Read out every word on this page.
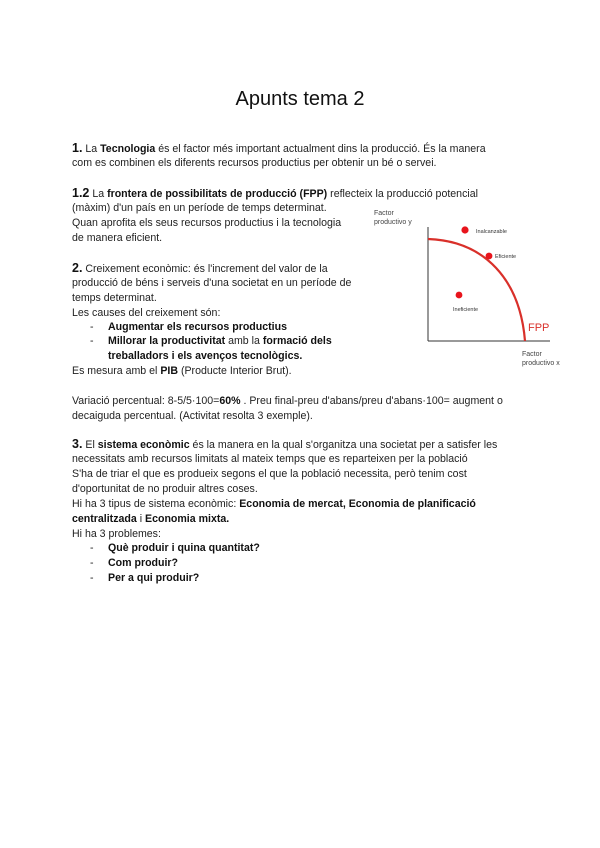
Apunts tema 2
1. La Tecnologia és el factor més important actualment dins la producció. És la manera
com es combinen els diferents recursos productius per obtenir un bé o servei.
1.2 La frontera de possibilitats de producció (FPP) reflecteix la producció potencial
(màxim) d'un país en un període de temps determinat.
Quan aprofita els seus recursos productius i la tecnologia
de manera eficient.
Factor
productivo y
Inalcanzable
Eficiente
Ineficiente
FPP
Factor
productivo x
2. Creixement econòmic: és l'increment del valor de la
producció de béns i serveis d'una societat en un període de
temps determinat.
Les causes del creixement són:
- Augmentar els recursos productius
- Millorar la productivitat amb la formació dels
treballadors i els avenços tecnològics.
Es mesura amb el PIB (Producte Interior Brut).
Variació percentual: 8-5/5·100=60% . Preu final-preu d'abans/preu d'abans·100= augment o
decaiguda percentual. (Activitat resolta 3 exemple).
3. El sistema econòmic és la manera en la qual s'organitza una societat per a satisfer les
necessitats amb recursos limitats al mateix temps que es reparteixen per la població
S'ha de triar el que es produeix segons el que la població necessita, però tenim cost
d'oportunitat de no produir altres coses.
Hi ha 3 tipus de sistema econòmic: Economia de mercat, Economia de planificació
centralitzada i Economia mixta.
Hi ha 3 problemes:
- Què produir i quina quantitat?
- Com produir?
- Per a qui produir?
